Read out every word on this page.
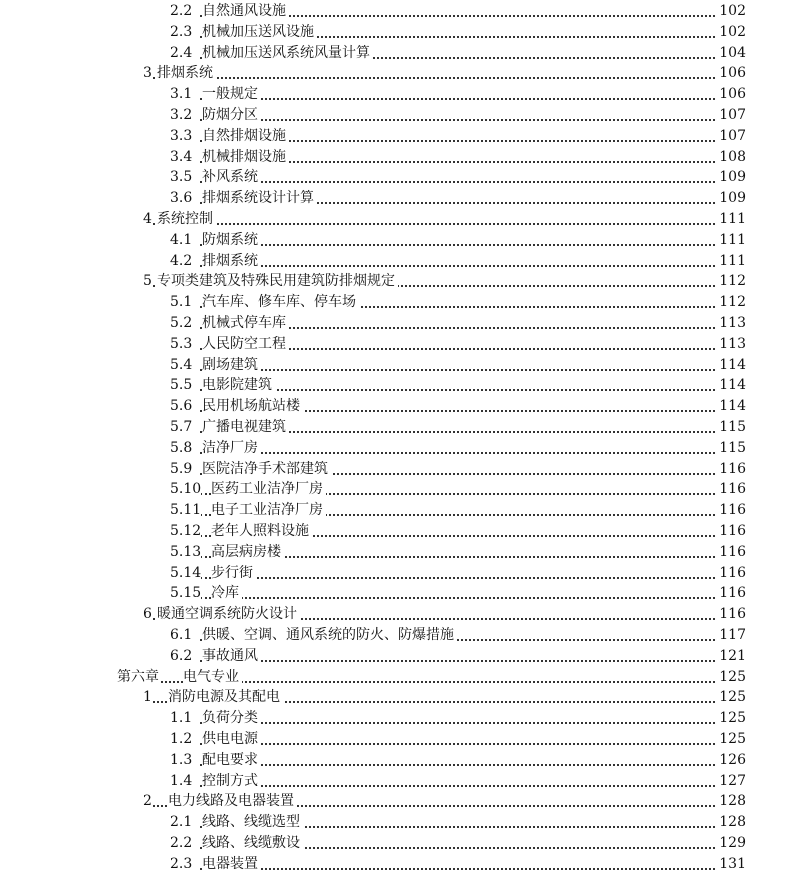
2.2 自然通风设施	102
2.3 机械加压送风设施	102
2.4 机械加压送风系统风量计算	104
3 排烟系统	106
3.1 一般规定	106
3.2 防烟分区	107
3.3 自然排烟设施	107
3.4 机械排烟设施	108
3.5 补风系统	109
3.6 排烟系统设计计算	109
4 系统控制	111
4.1 防烟系统	111
4.2 排烟系统	111
5 专项类建筑及特殊民用建筑防排烟规定	112
5.1 汽车库、修车库、停车场	112
5.2 机械式停车库	113
5.3 人民防空工程	113
5.4 剧场建筑	114
5.5 电影院建筑	114
5.6 民用机场航站楼	114
5.7 广播电视建筑	115
5.8 洁净厂房	115
5.9 医院洁净手术部建筑	116
5.10 医药工业洁净厂房	116
5.11 电子工业洁净厂房	116
5.12 老年人照料设施	116
5.13 高层病房楼	116
5.14 步行街	116
5.15 冷库	116
6 暖通空调系统防火设计	116
6.1 供暖、空调、通风系统的防火、防爆措施	117
6.2 事故通风	121
第六章 电气专业	125
1 消防电源及其配电	125
1.1 负荷分类	125
1.2 供电电源	125
1.3 配电要求	126
1.4 控制方式	127
2 电力线路及电器装置	128
2.1 线路、线缆选型	128
2.2 线路、线缆敷设	129
2.3 电器装置	131
